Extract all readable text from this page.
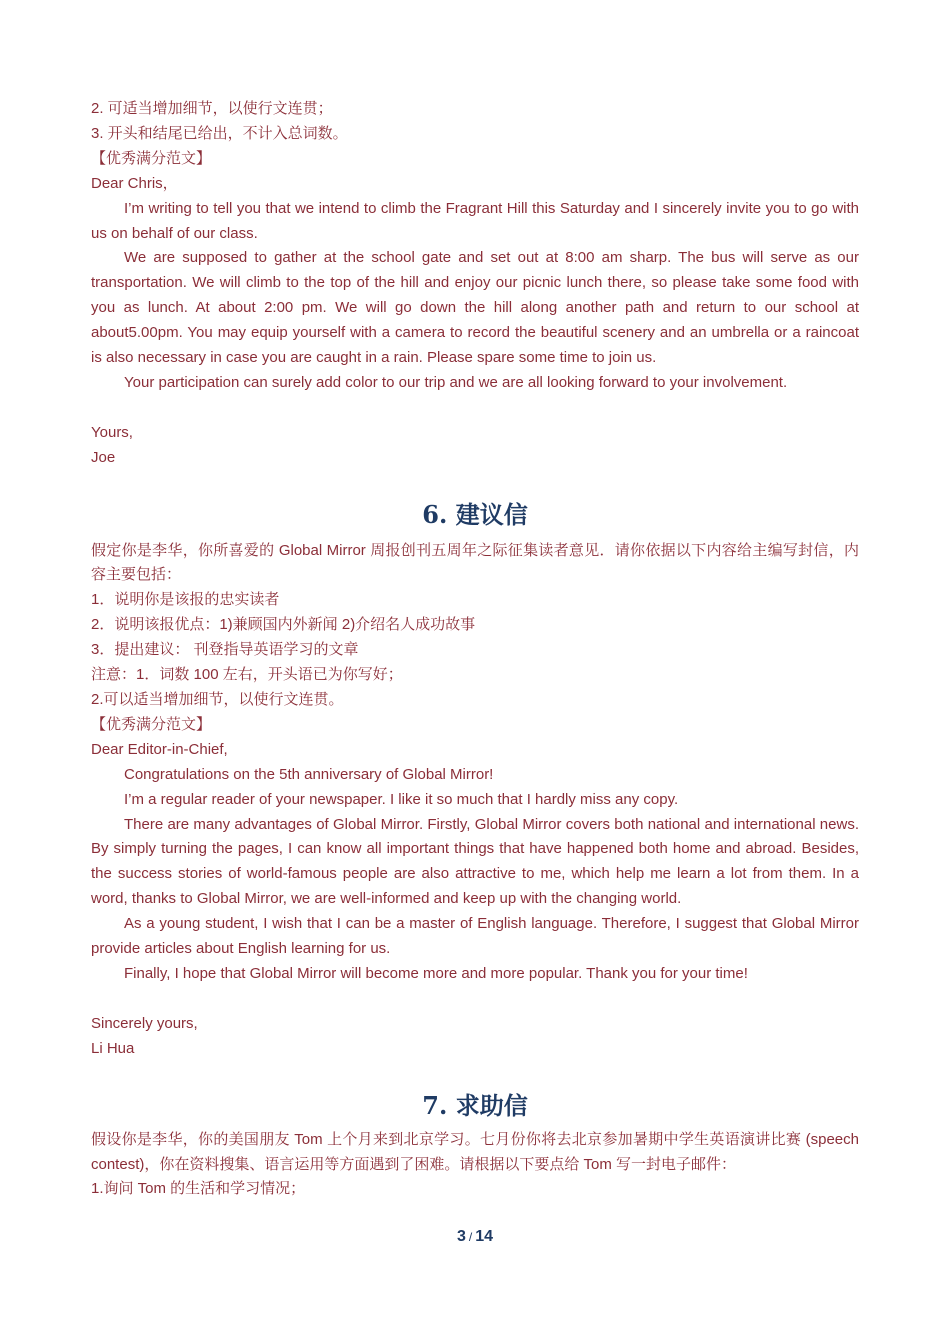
2. 可适当增加细节，以使行文连贯；

3. 开头和结尾已给出，不计入总词数。

【优秀满分范文】

Dear Chris，

I’m writing to tell you that we intend to climb the Fragrant Hill this Saturday and I sincerely invite you to go with us on behalf of our class.

We are supposed to gather at the school gate and set out at 8:00 am sharp. The bus will serve as our transportation. We will climb to the top of the hill and enjoy our picnic lunch there, so please take some food with you as lunch. At about 2:00 pm. We will go down the hill along another path and return to our school at about5.00pm. You may equip yourself with a camera to record the beautiful scenery and an umbrella or a raincoat is also necessary in case you are caught in a rain. Please spare some time to join us.

Your participation can surely add color to our trip and we are all looking forward to your involvement.

Yours,

Joe

6. 建议信

假定你是李华，你所喜爱的 Global Mirror 周报创刊五周年之际征集读者意见．请你依据以下内容给主编写封信，内容主要包括：

1．说明你是该报的忠实读者

2．说明该报优点：1)兼顾国内外新闻 2)介绍名人成功故事

3．提出建议： 刊登指导英语学习的文章

注意：1．词数 100 左右，开头语已为你写好；

2.可以适当增加细节，以使行文连贯。

【优秀满分范文】

Dear Editor-in-Chief,

Congratulations on the 5th anniversary of Global Mirror!

I’m a regular reader of your newspaper. I like it so much that I hardly miss any copy.

There are many advantages of Global Mirror. Firstly, Global Mirror covers both national and international news. By simply turning the pages, I can know all important things that have happened both home and abroad. Besides, the success stories of world-famous people are also attractive to me, which help me learn a lot from them. In a word, thanks to Global Mirror, we are well-informed and keep up with the changing world.

As a young student, I wish that I can be a master of English language. Therefore, I suggest that Global Mirror provide articles about English learning for us.

Finally, I hope that Global Mirror will become more and more popular. Thank you for your time!

Sincerely yours,

Li Hua

7. 求助信

假设你是李华，你的美国朋友 Tom 上个月来到北京学习。七月份你将去北京参加暑期中学生英语演讲比赛 (speech contest)，你在资料搜集、语言运用等方面遇到了困难。请根据以下要点给 Tom 写一封电子邮件：

1.询问 Tom 的生活和学习情况；

3 / 14
